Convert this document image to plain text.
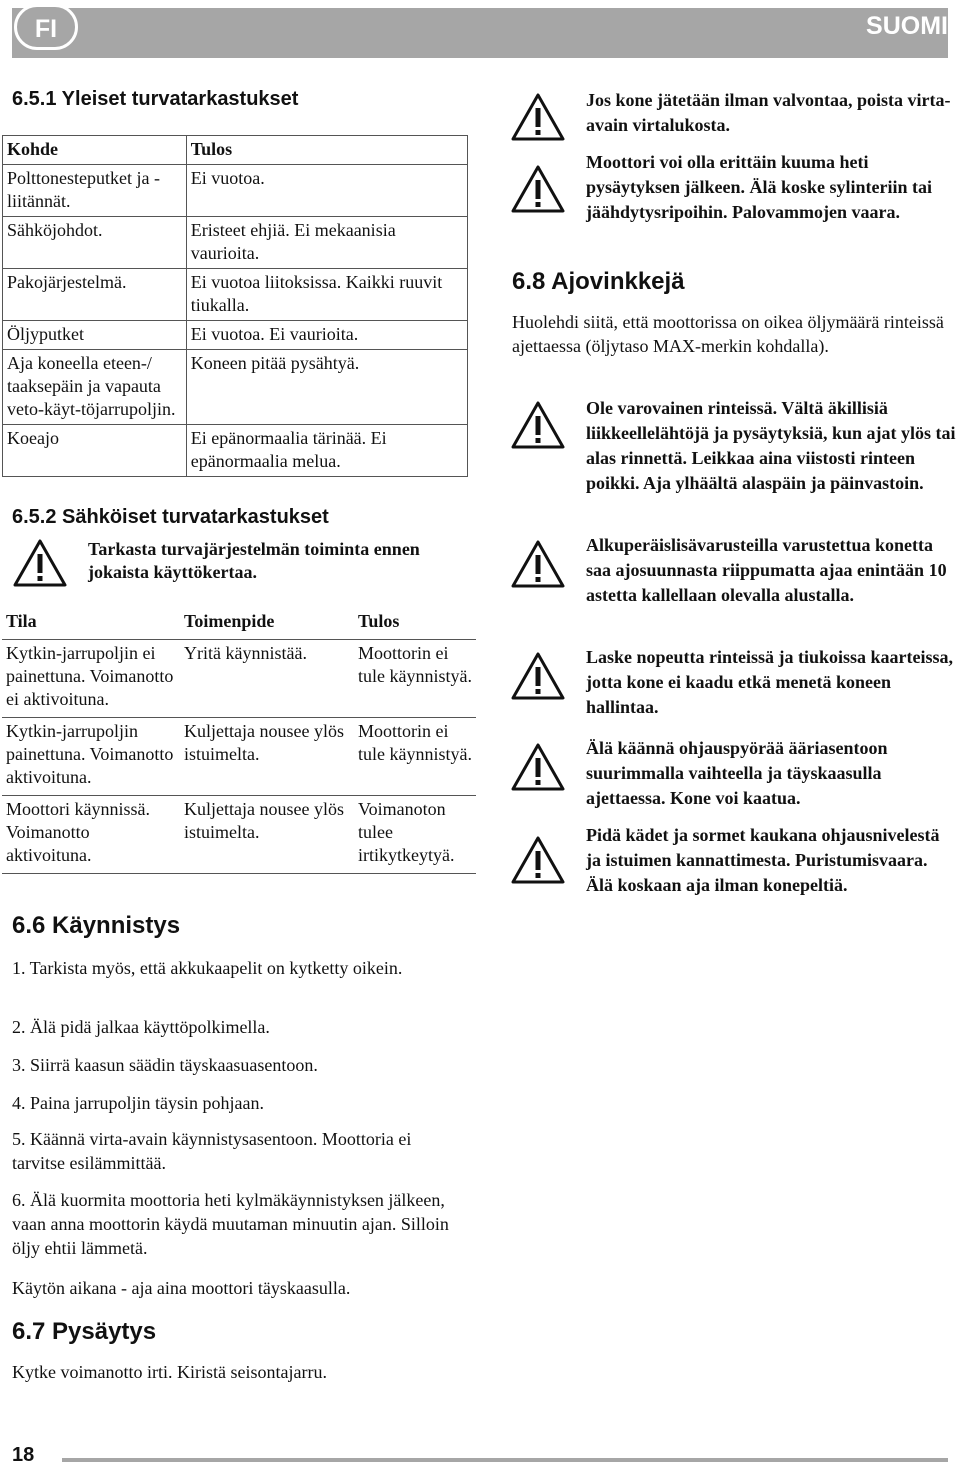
FI	SUOMI
6.5.1 Yleiset turvatarkastukset
Kohde	Tulos
Polttonesteputket ja -liitännät.	Ei vuotoa.
Sähköjohdot.	Eristeet ehjiä. Ei mekaanisia vaurioita.
Pakojärjestelmä.	Ei vuotoa liitoksissa. Kaikki ruuvit tiukalla.
Öljyputket	Ei vuotoa. Ei vaurioita.
Aja koneella eteen-/ taaksepäin ja vapauta veto-käyt-töjarrupoljin.	Koneen pitää pysähtyä.
Koeajo	Ei epänormaalia tärinää. Ei epänormaalia melua.
6.5.2 Sähköiset turvatarkastukset

Tarkasta turvajärjestelmän toiminta ennen jokaista käyttökertaa.

Tila	Toimenpide	Tulos
Kytkin-jarrupoljin ei painettuna. Voimanotto ei aktivoituna.	Yritä käynnistää.	Moottorin ei tule käynnistyä.
Kytkin-jarrupoljin painettuna. Voimanotto aktivoituna.	Kuljettaja nousee ylös istuimelta.	Moottorin ei tule käynnistyä.
Moottori käynnissä. Voimanotto aktivoituna.	Kuljettaja nousee ylös istuimelta.	Voimanoton tulee irtikytkeytyä.
6.6 Käynnistys

1. Tarkista myös, että akkukaapelit on kytketty oikein.

2. Älä pidä jalkaa käyttöpolkimella.

3. Siirrä kaasun säädin täyskaasuasentoon.

4. Paina jarrupoljin täysin pohjaan.

5. Käännä virta-avain käynnistysasentoon. Moottoria ei tarvitse esilämmittää.

6. Älä kuormita moottoria heti kylmäkäynnistyksen jälkeen, vaan anna moottorin käydä muutaman minuutin ajan. Silloin öljy ehtii lämmetä.

Käytön aikana - aja aina moottori täyskaasulla.

6.7 Pysäytys

Kytke voimanotto irti. Kiristä seisontajarru.

Jos kone jätetään ilman valvontaa, poista virta-avain virtalukosta.

Moottori voi olla erittäin kuuma heti pysäytyksen jälkeen. Älä koske sylinteriin tai jäähdytysripoihin. Palovammojen vaara.

6.8 Ajovinkkejä

Huolehdi siitä, että moottorissa on oikea öljymäärä rinteissä ajettaessa (öljytaso MAX-merkin kohdalla).

Ole varovainen rinteissä. Vältä äkillisiä liikkeellelähtöjä ja pysäytyksiä, kun ajat ylös tai alas rinnettä. Leikkaa aina viistosti rinteen poikki. Aja ylhäältä alaspäin ja päinvastoin.

Alkuperäislisävarusteilla varustettua konetta saa ajosuunnasta riippumatta ajaa enintään 10 astetta kallellaan olevalla alustalla.

Laske nopeutta rinteissä ja tiukoissa kaarteissa, jotta kone ei kaadu etkä menetä koneen hallintaa.

Älä käännä ohjauspyörää ääriasentoon suurimmalla vaihteella ja täyskaasulla ajettaessa. Kone voi kaatua.

Pidä kädet ja sormet kaukana ohjausnivelestä ja istuimen kannattimesta. Puristumisvaara. Älä koskaan aja ilman konepeltiä.

18
